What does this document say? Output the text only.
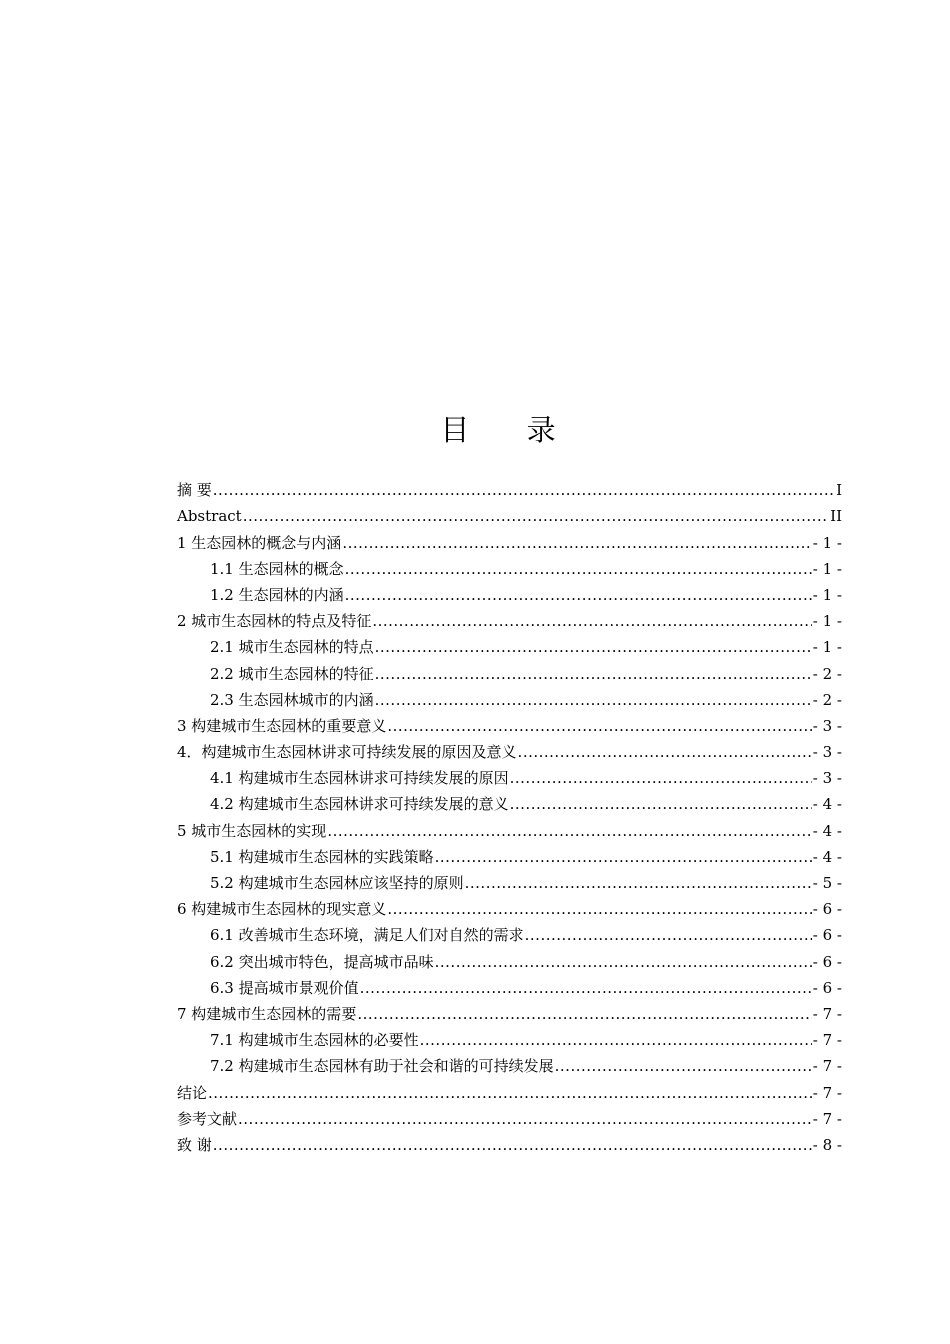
目 录
摘 要 .....	I
Abstract .....	II
1 生态园林的概念与内涵 .....	- 1 -
1.1 生态园林的概念 .....	- 1 -
1.2 生态园林的内涵 .....	- 1 -
2 城市生态园林的特点及特征 .....	- 1 -
2.1 城市生态园林的特点 .....	- 1 -
2.2 城市生态园林的特征 .....	- 2 -
2.3 生态园林城市的内涵 .....	- 2 -
3 构建城市生态园林的重要意义 .....	- 3 -
4．构建城市生态园林讲求可持续发展的原因及意义 .....	- 3 -
4.1 构建城市生态园林讲求可持续发展的原因 .....	- 3 -
4.2 构建城市生态园林讲求可持续发展的意义 .....	- 4 -
5 城市生态园林的实现 .....	- 4 -
5.1 构建城市生态园林的实践策略 .....	- 4 -
5.2 构建城市生态园林应该坚持的原则 .....	- 5 -
6 构建城市生态园林的现实意义 .....	- 6 -
6.1 改善城市生态环境，满足人们对自然的需求 .....	- 6 -
6.2 突出城市特色，提高城市品味 .....	- 6 -
6.3 提高城市景观价值 .....	- 6 -
7 构建城市生态园林的需要 .....	- 7 -
7.1 构建城市生态园林的必要性 .....	- 7 -
7.2 构建城市生态园林有助于社会和谐的可持续发展 .....	- 7 -
结论 .....	- 7 -
参考文献 .....	- 7 -
致 谢 .....	- 8 -
